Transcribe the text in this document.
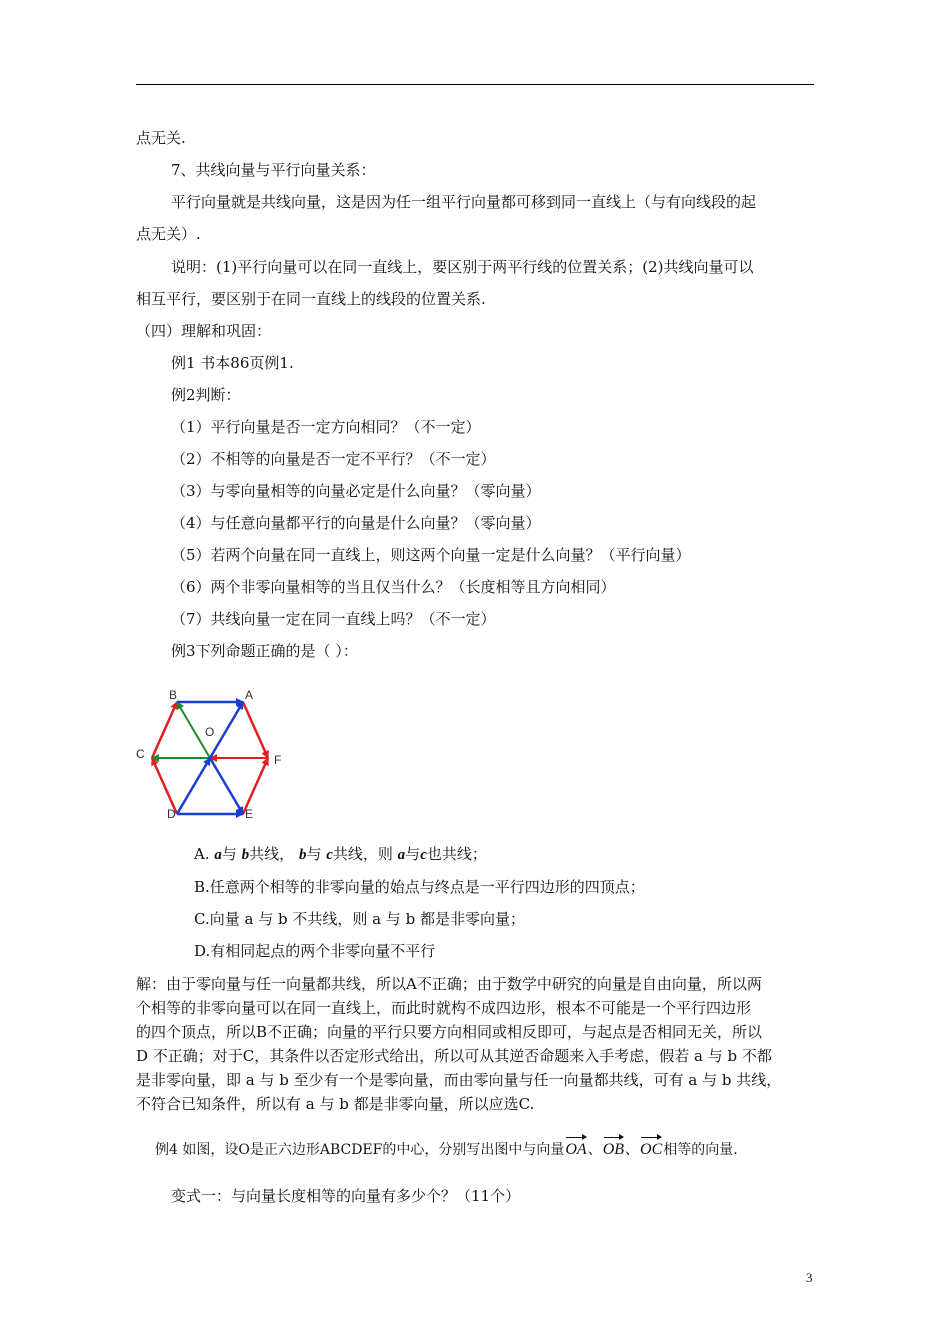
点无关.
7、共线向量与平行向量关系：
平行向量就是共线向量，这是因为任一组平行向量都可移到同一直线上（与有向线段的起
点无关）.
说明：(1)平行向量可以在同一直线上，要区别于两平行线的位置关系；(2)共线向量可以
相互平行，要区别于在同一直线上的线段的位置关系.
（四）理解和巩固：
例1 书本86页例1.
例2判断：
（1）平行向量是否一定方向相同？（不一定）
（2）不相等的向量是否一定不平行？（不一定）
（3）与零向量相等的向量必定是什么向量？（零向量）
（4）与任意向量都平行的向量是什么向量？（零向量）
（5）若两个向量在同一直线上，则这两个向量一定是什么向量？（平行向量）
（6）两个非零向量相等的当且仅当什么？（长度相等且方向相同）
（7）共线向量一定在同一直线上吗？（不一定）
例3下列命题正确的是（ ）：
B	A
O
C	F
D	E
A. a与 b共线， b与 c共线，则 a与c也共线；
B.任意两个相等的非零向量的始点与终点是一平行四边形的四顶点；
C.向量 a 与 b 不共线，则 a 与 b 都是非零向量；
D.有相同起点的两个非零向量不平行
解：由于零向量与任一向量都共线，所以A不正确；由于数学中研究的向量是自由向量，所以两
个相等的非零向量可以在同一直线上，而此时就构不成四边形，根本不可能是一个平行四边形
的四个顶点，所以B不正确；向量的平行只要方向相同或相反即可，与起点是否相同无关，所以
D 不正确；对于C，其条件以否定形式给出，所以可从其逆否命题来入手考虑，假若 a 与 b 不都
是非零向量，即 a 与 b 至少有一个是零向量，而由零向量与任一向量都共线，可有 a 与 b 共线，
不符合已知条件，所以有 a 与 b 都是非零向量，所以应选C.
例4 如图，设O是正六边形ABCDEF的中心，分别写出图中与向量OA、OB、OC相等的向量.
变式一：与向量长度相等的向量有多少个？（11个）
3
